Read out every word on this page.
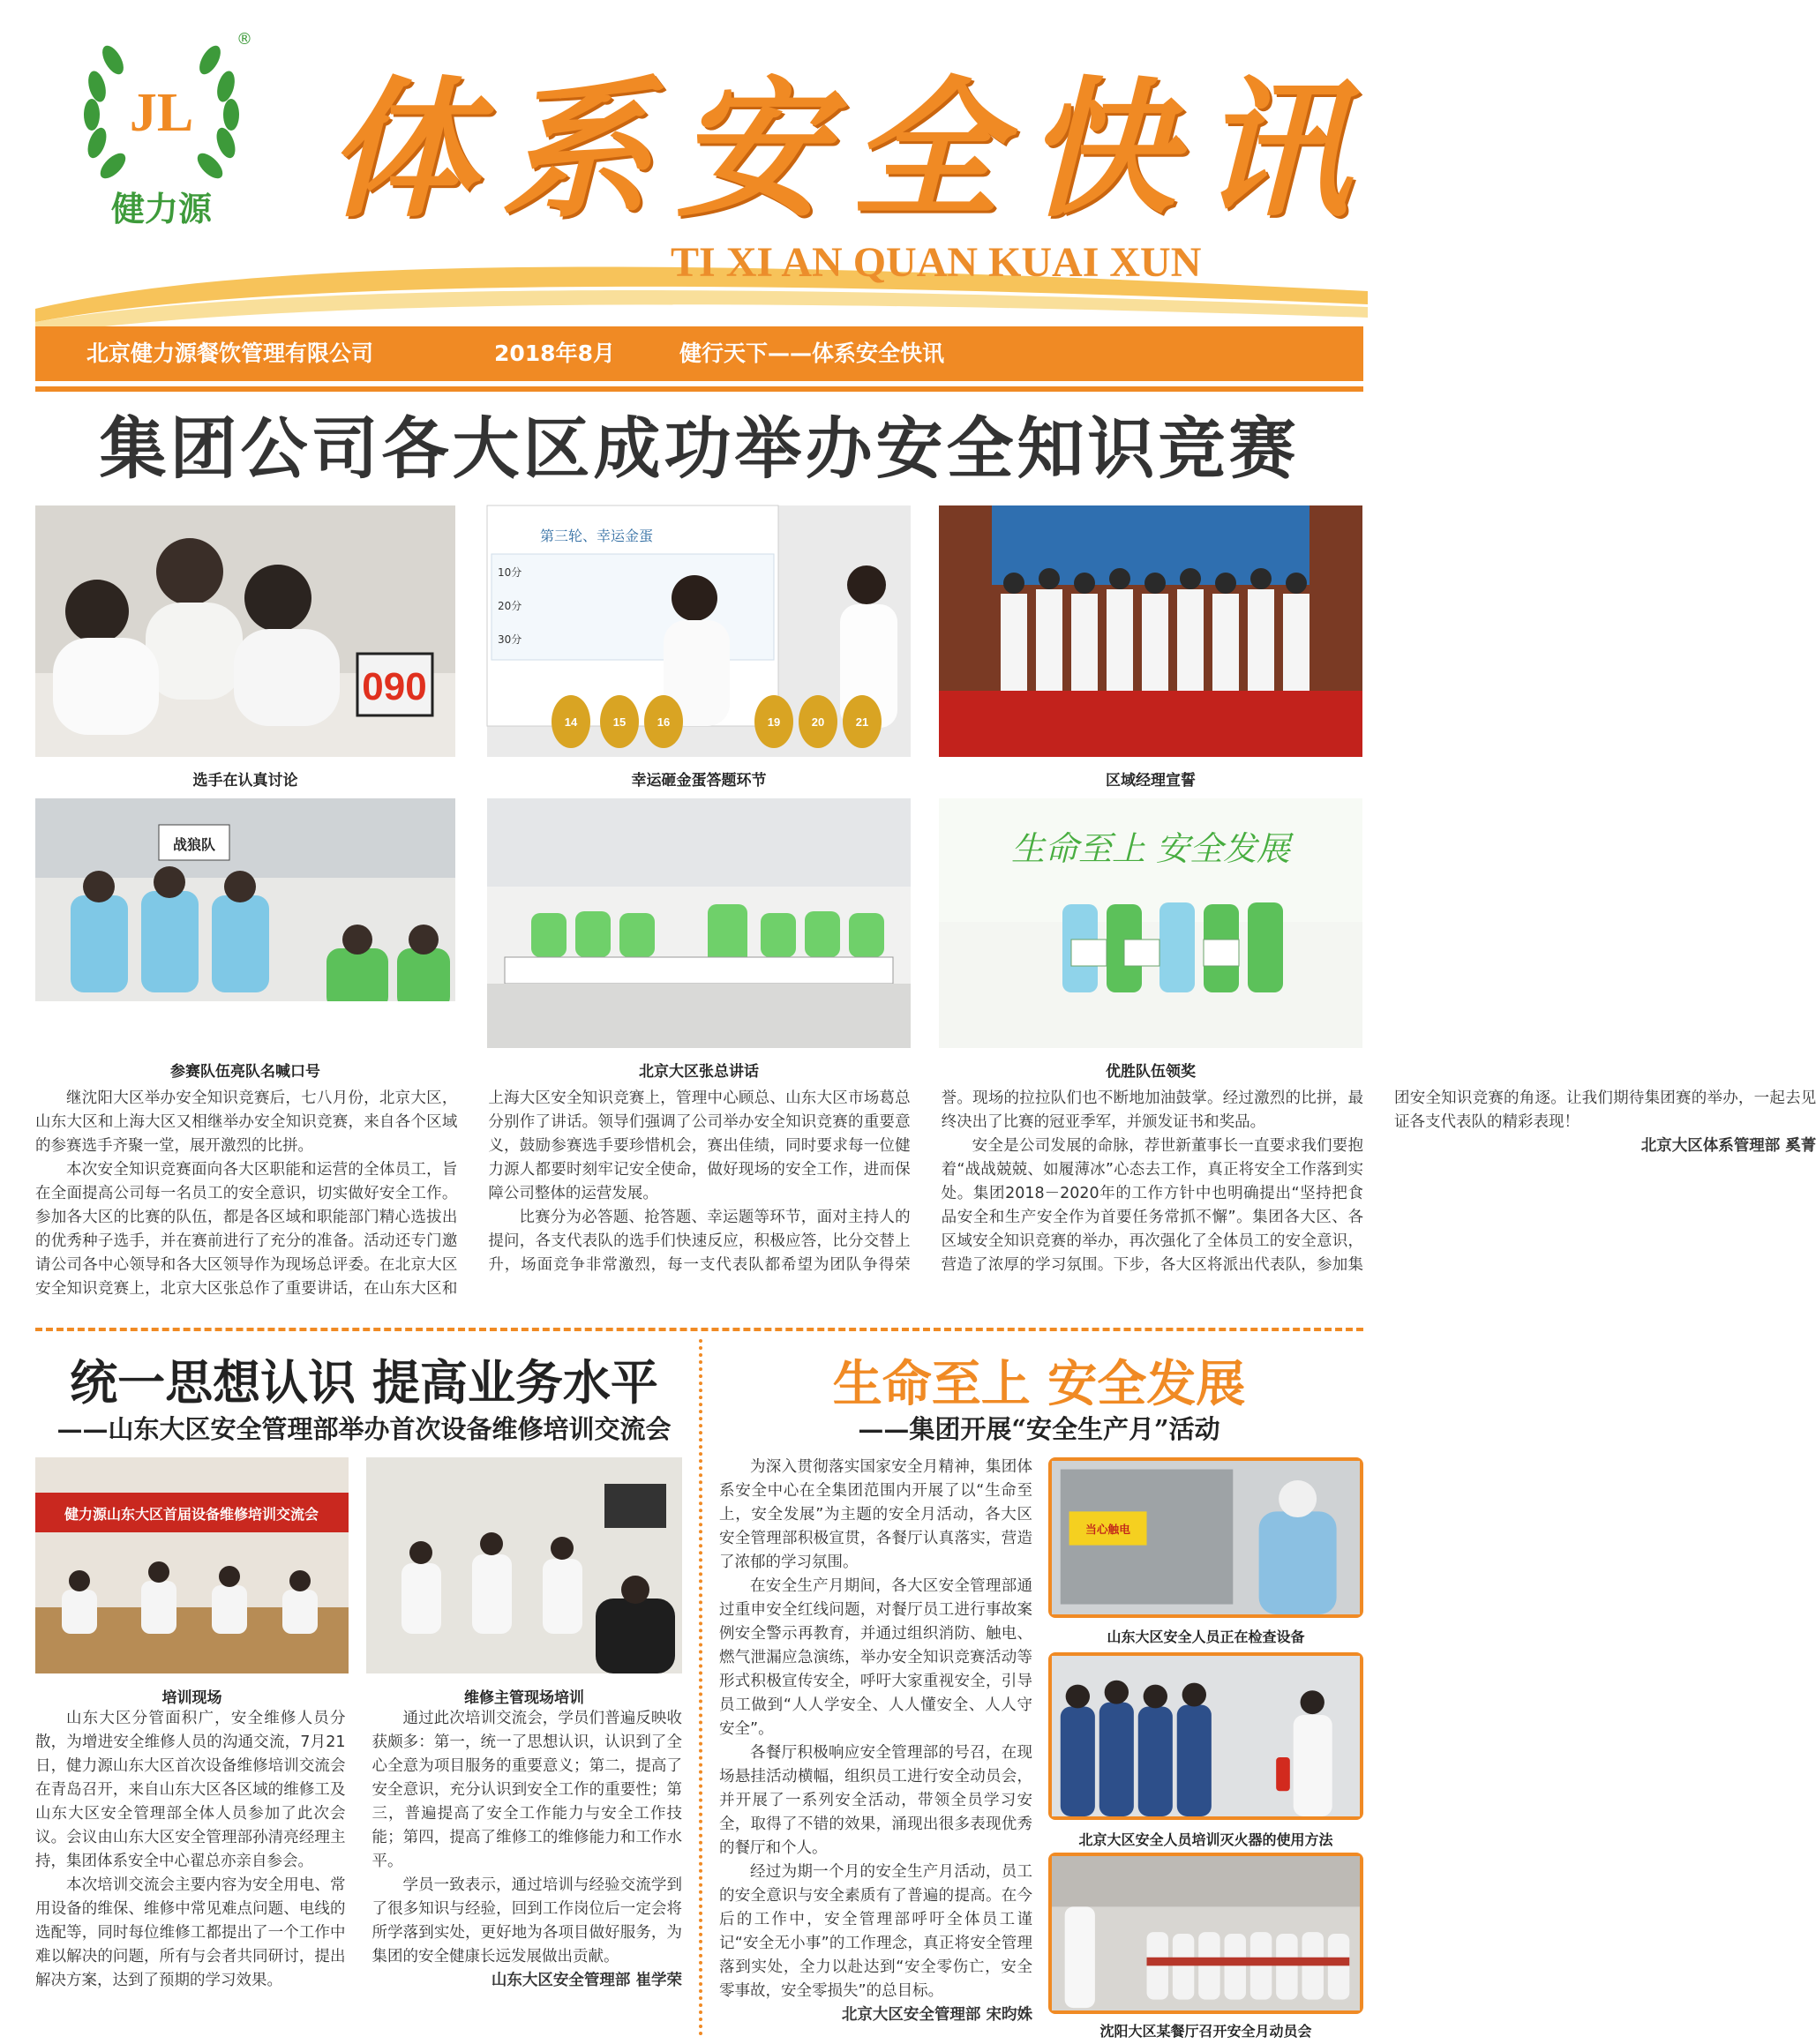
JL
®
健力源 体系安全快讯
TI XI AN QUAN KUAI XUN
北京健力源餐饮管理有限公司	2018年8月	健行天下——体系安全快讯
集团公司各大区成功举办安全知识竞赛
090
第三轮、幸运金蛋
10分
20分
30分
14	15	16	19	20	21
选手在认真讨论	幸运砸金蛋答题环节	区域经理宣誓
战狼队	生命至上 安全发展
参赛队伍亮队名喊口号	北京大区张总讲话	优胜队伍领奖

继沈阳大区举办安全知识竞赛后，七八月份，北京大区，山东大区和上海大区又相继举办安全知识竞赛，来自各个区域的参赛选手齐聚一堂，展开激烈的比拼。

本次安全知识竞赛面向各大区职能和运营的全体员工，旨在全面提高公司每一名员工的安全意识，切实做好安全工作。参加各大区的比赛的队伍，都是各区域和职能部门精心选拔出的优秀种子选手，并在赛前进行了充分的准备。活动还专门邀请公司各中心领导和各大区领导作为现场总评委。在北京大区安全知识竞赛上，北京大区张总作了重要讲话，在山东大区和上海大区安全知识竞赛上，管理中心顾总、山东大区市场葛总分别作了讲话。领导们强调了公司举办安全知识竞赛的重要意义，鼓励参赛选手要珍惜机会，赛出佳绩，同时要求每一位健力源人都要时刻牢记安全使命，做好现场的安全工作，进而保障公司整体的运营发展。

比赛分为必答题、抢答题、幸运题等环节，面对主持人的提问，各支代表队的选手们快速反应，积极应答，比分交替上升，场面竞争非常激烈，每一支代表队都希望为团队争得荣誉。现场的拉拉队们也不断地加油鼓掌。经过激烈的比拼，最终决出了比赛的冠亚季军，并颁发证书和奖品。

安全是公司发展的命脉，荐世新董事长一直要求我们要抱着“战战兢兢、如履薄冰”心态去工作，真正将安全工作落到实处。集团2018－2020年的工作方针中也明确提出“坚持把食品安全和生产安全作为首要任务常抓不懈”。集团各大区、各区域安全知识竞赛的举办，再次强化了全体员工的安全意识，营造了浓厚的学习氛围。下步，各大区将派出代表队，参加集团安全知识竞赛的角逐。让我们期待集团赛的举办，一起去见证各支代表队的精彩表现！

北京大区体系管理部 奚菁
统一思想认识 提高业务水平
——山东大区安全管理部举办首次设备维修培训交流会
健力源山东大区首届设备维修培训交流会
培训现场	维修主管现场培训

山东大区分管面积广，安全维修人员分散，为增进安全维修人员的沟通交流，7月21日，健力源山东大区首次设备维修培训交流会在青岛召开，来自山东大区各区域的维修工及山东大区安全管理部全体人员参加了此次会议。会议由山东大区安全管理部孙清亮经理主持，集团体系安全中心翟总亦亲自参会。

本次培训交流会主要内容为安全用电、常用设备的维保、维修中常见难点问题、电线的选配等，同时每位维修工都提出了一个工作中难以解决的问题，所有与会者共同研讨，提出解决方案，达到了预期的学习效果。

通过此次培训交流会，学员们普遍反映收获颇多：第一，统一了思想认识，认识到了全心全意为项目服务的重要意义；第二，提高了安全意识，充分认识到安全工作的重要性；第三，普遍提高了安全工作能力与安全工作技能；第四，提高了维修工的维修能力和工作水平。

学员一致表示，通过培训与经验交流学到了很多知识与经验，回到工作岗位后一定会将所学落到实处，更好地为各项目做好服务，为集团的安全健康长远发展做出贡献。

山东大区安全管理部 崔学荣
生命至上 安全发展
——集团开展“安全生产月”活动

为深入贯彻落实国家安全月精神，集团体系安全中心在全集团范围内开展了以“生命至上，安全发展”为主题的安全月活动，各大区安全管理部积极宣贯，各餐厅认真落实，营造了浓郁的学习氛围。

在安全生产月期间，各大区安全管理部通过重申安全红线问题，对餐厅员工进行事故案例安全警示再教育，并通过组织消防、触电、燃气泄漏应急演练，举办安全知识竞赛活动等形式积极宣传安全，呼吁大家重视安全，引导员工做到“人人学安全、人人懂安全、人人守安全”。

各餐厅积极响应安全管理部的号召，在现场悬挂活动横幅，组织员工进行安全动员会，并开展了一系列安全活动，带领全员学习安全，取得了不错的效果，涌现出很多表现优秀的餐厅和个人。

经过为期一个月的安全生产月活动，员工的安全意识与安全素质有了普遍的提高。在今后的工作中，安全管理部呼吁全体员工谨记“安全无小事”的工作理念，真正将安全管理落到实处，全力以赴达到“安全零伤亡，安全零事故，安全零损失”的总目标。

北京大区安全管理部 宋昀姝
当心触电
山东大区安全人员正在检查设备
北京大区安全人员培训灭火器的使用方法
沈阳大区某餐厅召开安全月动员会
